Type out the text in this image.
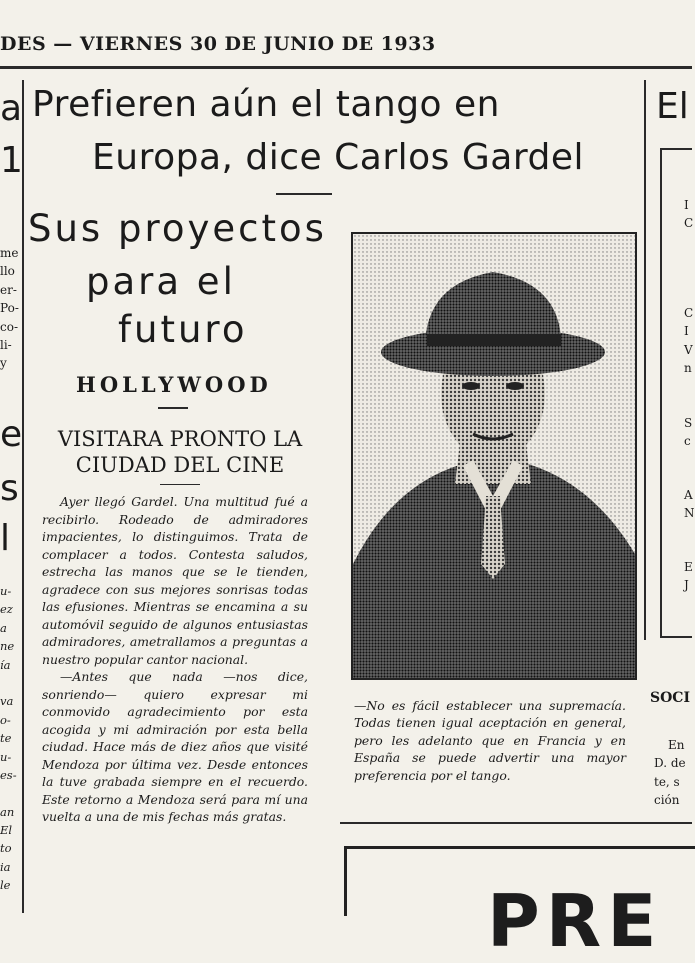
DES — VIERNES 30 DE JUNIO DE 1933
Prefieren aún el tango en
Europa, dice Carlos Gardel
Sus proyectos
para el
futuro
HOLLYWOOD
VISITARA PRONTO LA
CIUDAD DEL CINE

Ayer llegó Gardel. Una multitud fué a recibirlo. Rodeado de admiradores impacientes, lo distinguimos. Trata de complacer a todos. Contesta saludos, estrecha las manos que se le tienden, agradece con sus mejores sonrisas todas las efusiones. Mientras se encamina a su automóvil seguido de algunos entusiastas admiradores, ametrallamos a preguntas a nuestro popular cantor nacional.

—Antes que nada —nos dice, sonriendo— quiero expresar mi conmovido agradecimiento por esta acogida y mi admiración por esta bella ciudad. Hace más de diez años que visité Mendoza por última vez. Desde entonces la tuve grabada siempre en el recuerdo. Este retorno a Mendoza será para mí una vuelta a una de mis fechas más gratas.

—No es fácil establecer una supremacía. Todas tienen igual aceptación en general, pero les adelanto que en Francia y en España se puede advertir una mayor preferencia por el tango.
a
1
me
llo
er-
Po-
co-
li-
y
e
s
l
u-
ez
a
ne
ía
va
o-
te
u-
es-
an
El
to
ia
le
El
I
C
C
I
V
n
S
c
A
N
E
J
SOCI
En
D. de
te, s
ción
PRE
